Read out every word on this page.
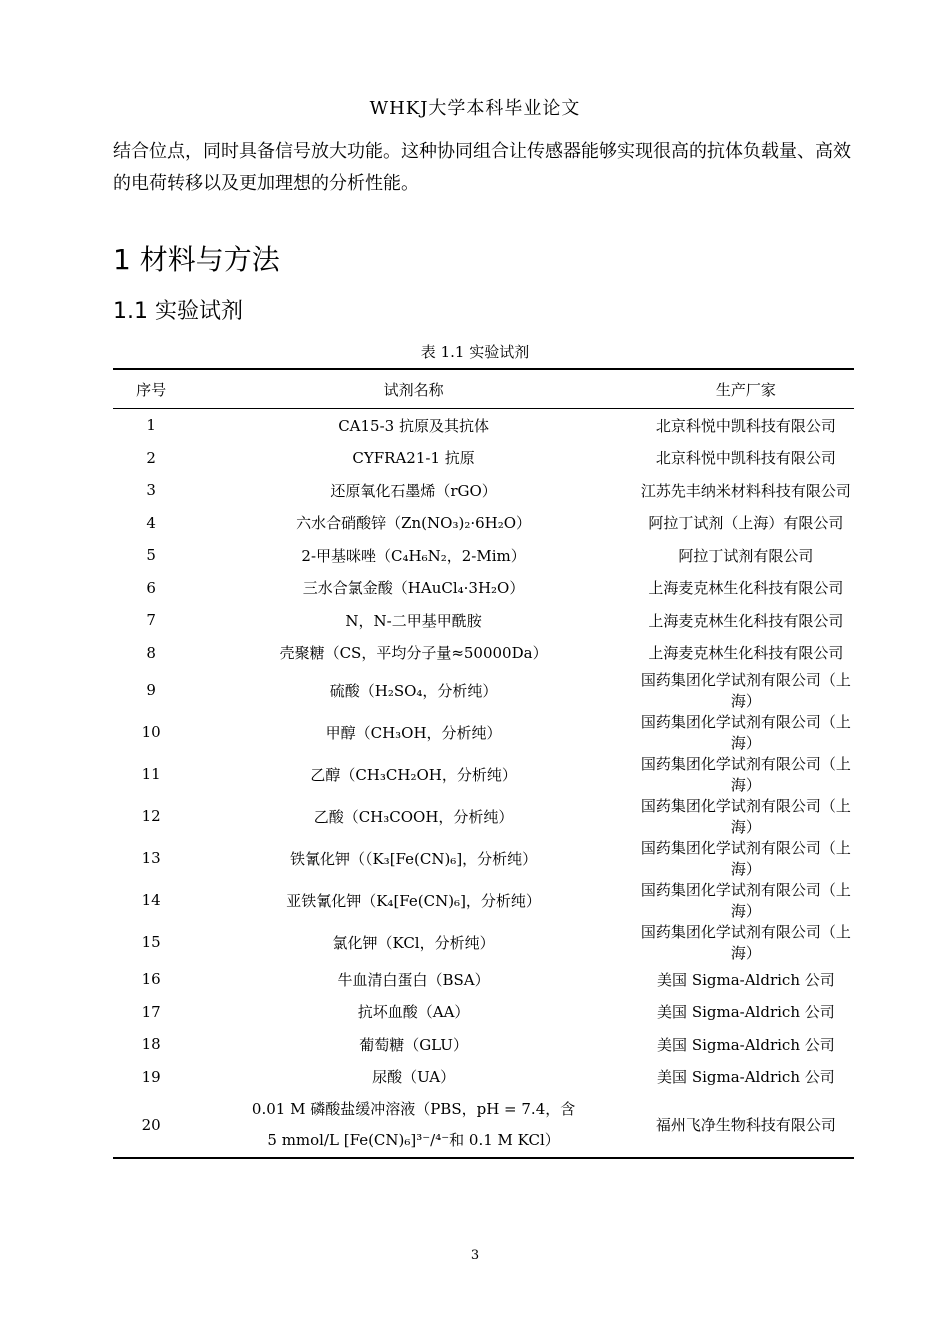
WHKJ大学本科毕业论文
结合位点，同时具备信号放大功能。这种协同组合让传感器能够实现很高的抗体负载量、高效的电荷转移以及更加理想的分析性能。
1 材料与方法
1.1 实验试剂
表 1.1 实验试剂
序号	试剂名称	生产厂家
1	CA15-3 抗原及其抗体	北京科悦中凯科技有限公司
2	CYFRA21-1 抗原	北京科悦中凯科技有限公司
3	还原氧化石墨烯（rGO）	江苏先丰纳米材料科技有限公司
4	六水合硝酸锌（Zn(NO₃)₂·6H₂O）	阿拉丁试剂（上海）有限公司
5	2-甲基咪唑（C₄H₆N₂，2-Mim）	阿拉丁试剂有限公司
6	三水合氯金酸（HAuCl₄·3H₂O）	上海麦克林生化科技有限公司
7	N，N-二甲基甲酰胺	上海麦克林生化科技有限公司
8	壳聚糖（CS，平均分子量≈50000Da）	上海麦克林生化科技有限公司
9	硫酸（H₂SO₄，分析纯）	国药集团化学试剂有限公司（上海）
10	甲醇（CH₃OH，分析纯）	国药集团化学试剂有限公司（上海）
11	乙醇（CH₃CH₂OH，分析纯）	国药集团化学试剂有限公司（上海）
12	乙酸（CH₃COOH，分析纯）	国药集团化学试剂有限公司（上海）
13	铁氰化钾（（K₃[Fe(CN)₆]，分析纯）	国药集团化学试剂有限公司（上海）
14	亚铁氰化钾（K₄[Fe(CN)₆]，分析纯）	国药集团化学试剂有限公司（上海）
15	氯化钾（KCl，分析纯）	国药集团化学试剂有限公司（上海）
16	牛血清白蛋白（BSA）	美国 Sigma-Aldrich 公司
17	抗坏血酸（AA）	美国 Sigma-Aldrich 公司
18	葡萄糖（GLU）	美国 Sigma-Aldrich 公司
19	尿酸（UA）	美国 Sigma-Aldrich 公司
20	0.01 M 磷酸盐缓冲溶液（PBS，pH = 7.4，含
5 mmol/L [Fe(CN)₆]³⁻/⁴⁻和 0.1 M KCl）	福州飞净生物科技有限公司
3
